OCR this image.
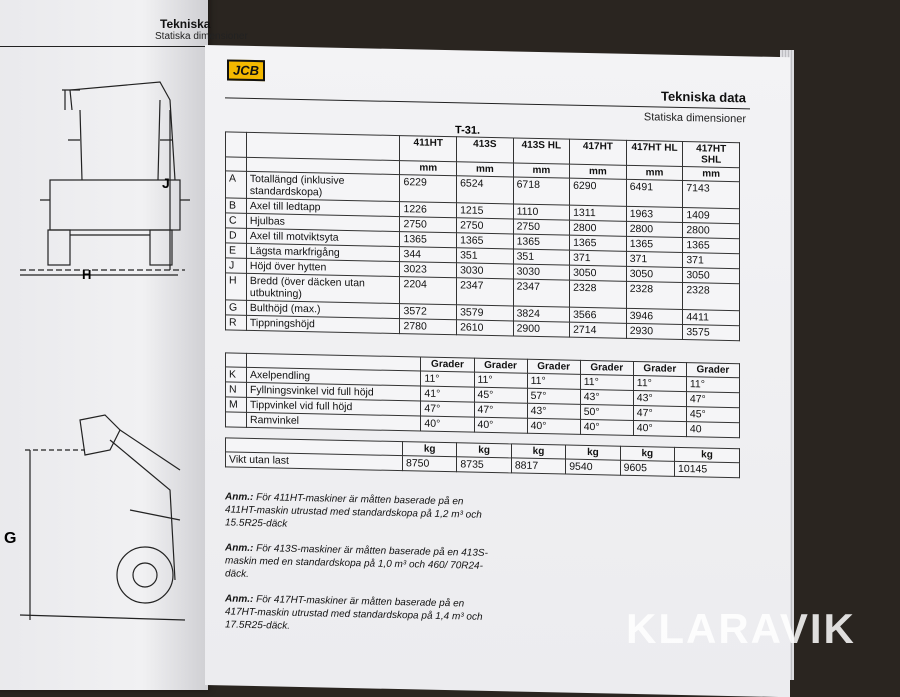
Tekniska
Statiska dimensioner
J
H
G
JCB
Tekniska data
Statiska dimensioner
T-31.
		411HT	413S	413S HL	417HT	417HT HL	417HT SHL
		mm	mm	mm	mm	mm	mm
A	Totallängd (inklusive standardskopa)	6229	6524	6718	6290	6491	7143
B	Axel till ledtapp	1226	1215	1110	1311	1963	1409
C	Hjulbas	2750	2750	2750	2800	2800	2800
D	Axel till motviktsyta	1365	1365	1365	1365	1365	1365
E	Lägsta markfrigång	344	351	351	371	371	371
J	Höjd över hytten	3023	3030	3030	3050	3050	3050
H	Bredd (över däcken utan utbuktning)	2204	2347	2347	2328	2328	2328
G	Bulthöjd (max.)	3572	3579	3824	3566	3946	4411
R	Tippningshöjd	2780	2610	2900	2714	2930	3575
		Grader	Grader	Grader	Grader	Grader	Grader
K	Axelpendling	11°	11°	11°	11°	11°	11°
N	Fyllningsvinkel vid full höjd	41°	45°	57°	43°	43°	47°
M	Tippvinkel vid full höjd	47°	47°	43°	50°	47°	45°
	Ramvinkel	40°	40°	40°	40°	40°	40
	kg	kg	kg	kg	kg	kg
Vikt utan last	8750	8735	8817	9540	9605	10145
Anm.: För 411HT-maskiner är måtten baserade på en 411HT-maskin utrustad med standardskopa på 1,2 m³ och 15.5R25-däck
Anm.: För 413S-maskiner är måtten baserade på en 413S-maskin med en standardskopa på 1,0 m³ och 460/ 70R24-däck.
Anm.: För 417HT-maskiner är måtten baserade på en 417HT-maskin utrustad med standardskopa på 1,4 m³ och 17.5R25-däck.	KLARAVIK
